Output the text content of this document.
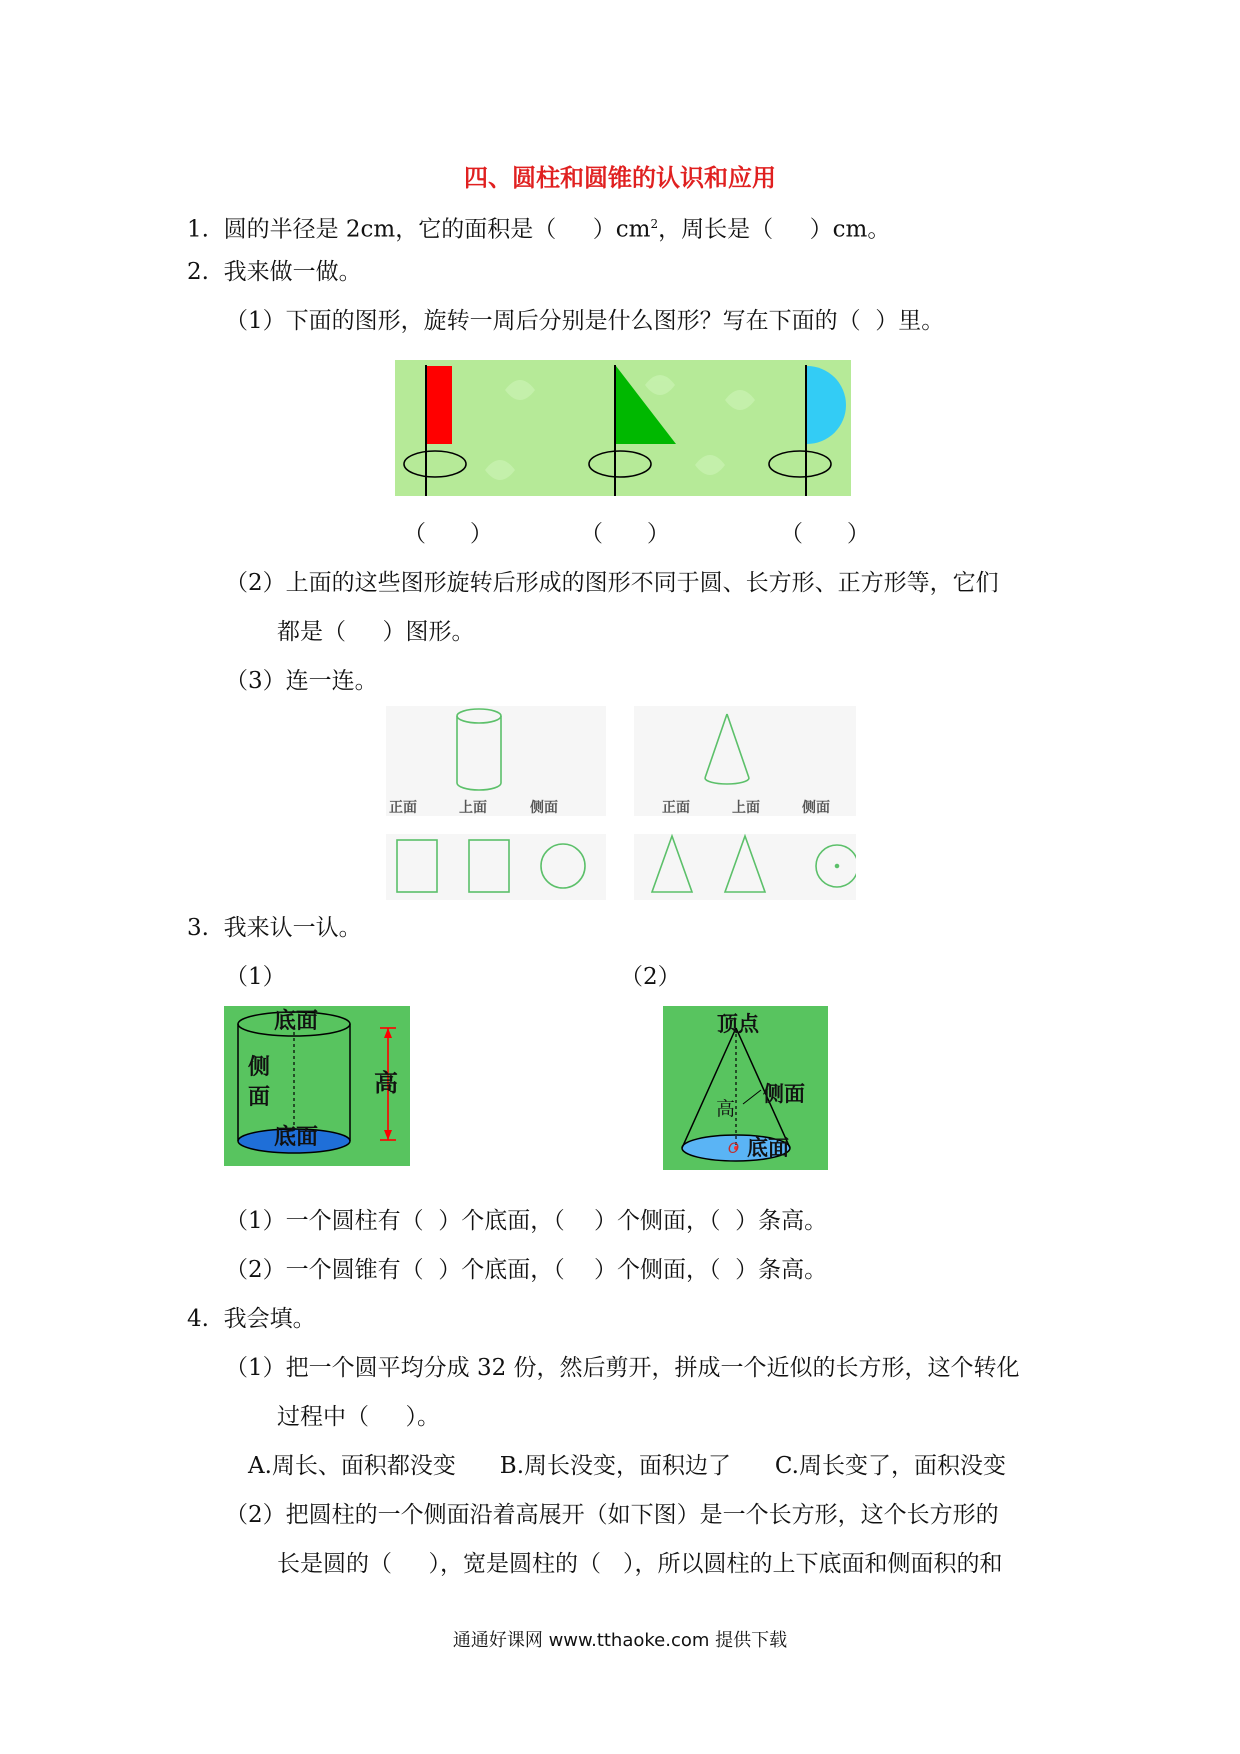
四、圆柱和圆锥的认识和应用
1.  圆的半径是 2cm，它的面积是（     ）$cm^2$，周长是（     ）cm。
2.  我来做一做。
（1）下面的图形，旋转一周后分别是什么图形？写在下面的（  ）里。
（      ）	（      ）	（      ）
（2）上面的这些图形旋转后形成的图形不同于圆、长方形、正方形等，它们
都是（     ）图形。
（3）连一连。
正面	上面	侧面	正面	上面	侧面
3.  我来认一认。
（1）	（2）
底面
侧面
高
底面
顶点
高
侧面
底面
O
（1）一个圆柱有（  ）个底面，（    ）个侧面，（  ）条高。
（2）一个圆锥有（  ）个底面，（    ）个侧面，（  ）条高。
4.  我会填。
（1）把一个圆平均分成 32 份，然后剪开，拼成一个近似的长方形，这个转化
过程中（     ）。
A.周长、面积都没变      B.周长没变，面积边了      C.周长变了，面积没变
（2）把圆柱的一个侧面沿着高展开（如下图）是一个长方形，这个长方形的
长是圆的（     ），宽是圆柱的（   ），所以圆柱的上下底面和侧面积的和
通通好课网 www.tthaoke.com 提供下载
